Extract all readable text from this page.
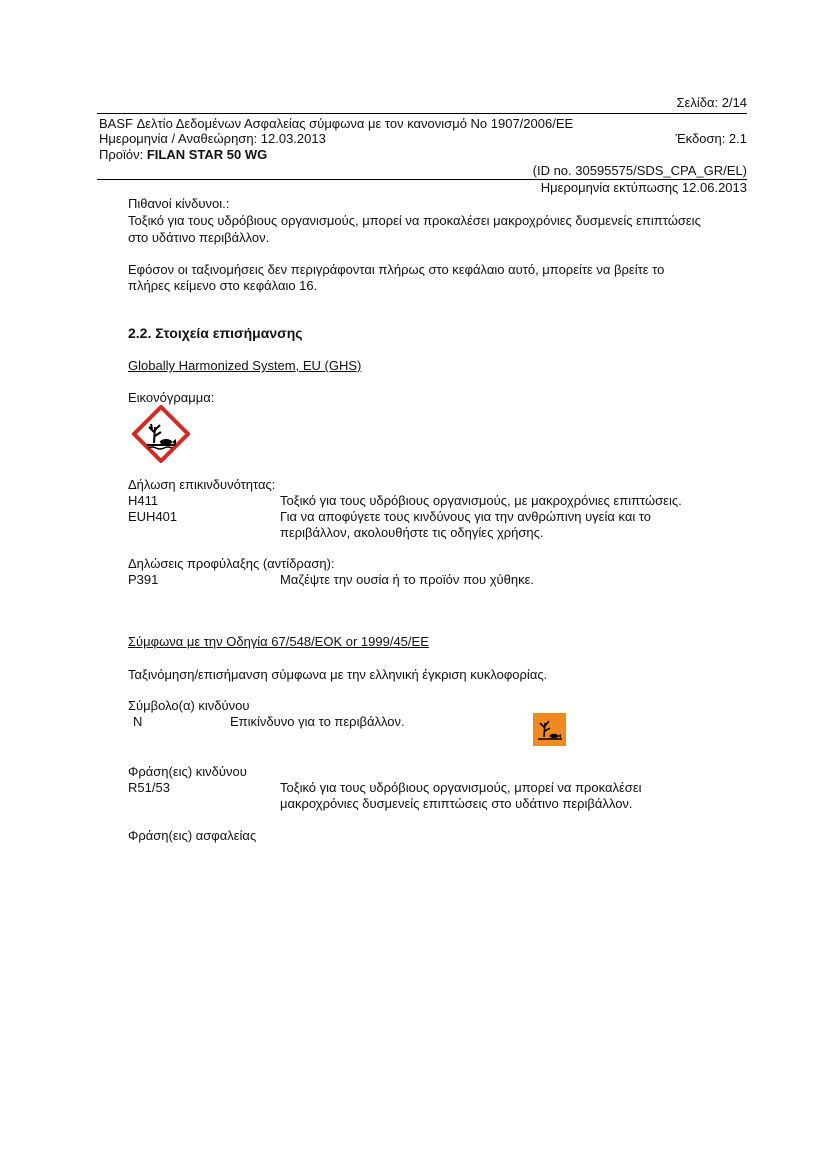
Σελίδα: 2/14
BASF Δελτίο Δεδομένων Ασφαλείας σύμφωνα με τον κανονισμό Νο 1907/2006/ΕΕ
Ημερομηνία / Αναθεώρηση: 12.03.2013	Έκδοση: 2.1
Προϊόν: FILAN STAR 50 WG
(ID no. 30595575/SDS_CPA_GR/EL)
Ημερομηνία εκτύπωσης 12.06.2013
Πιθανοί κίνδυνοι.:
Τοξικό για τους υδρόβιους οργανισμούς, μπορεί να προκαλέσει μακροχρόνιες δυσμενείς επιπτώσεις
στο υδάτινο περιβάλλον.
Εφόσον οι ταξινομήσεις δεν περιγράφονται πλήρως στο κεφάλαιο αυτό, μπορείτε να βρείτε το
πλήρες κείμενο στο κεφάλαιο 16.
2.2. Στοιχεία επισήμανσης
Globally Harmonized System, EU (GHS)
Εικονόγραμμα:
Δήλωση επικινδυνότητας:
H411	Τοξικό για τους υδρόβιους οργανισμούς, με μακροχρόνιες επιπτώσεις.
EUH401	Για να αποφύγετε τους κινδύνους για την ανθρώπινη υγεία και το περιβάλλον, ακολουθήστε τις οδηγίες χρήσης.
Δηλώσεις προφύλαξης (αντίδραση):
P391	Μαζέψτε την ουσία ή το προϊόν που χύθηκε.
Σύμφωνα με την Οδηγία 67/548/ΕΟΚ or 1999/45/ΕΕ
Ταξινόμηση/επισήμανση σύμφωνα με την ελληνική έγκριση κυκλοφορίας.
Σύμβολο(α) κινδύνου
N	Επικίνδυνο για το περιβάλλον.
Φράση(εις) κινδύνου
R51/53	Τοξικό για τους υδρόβιους οργανισμούς, μπορεί να προκαλέσει μακροχρόνιες δυσμενείς επιπτώσεις στο υδάτινο περιβάλλον.
Φράση(εις) ασφαλείας
